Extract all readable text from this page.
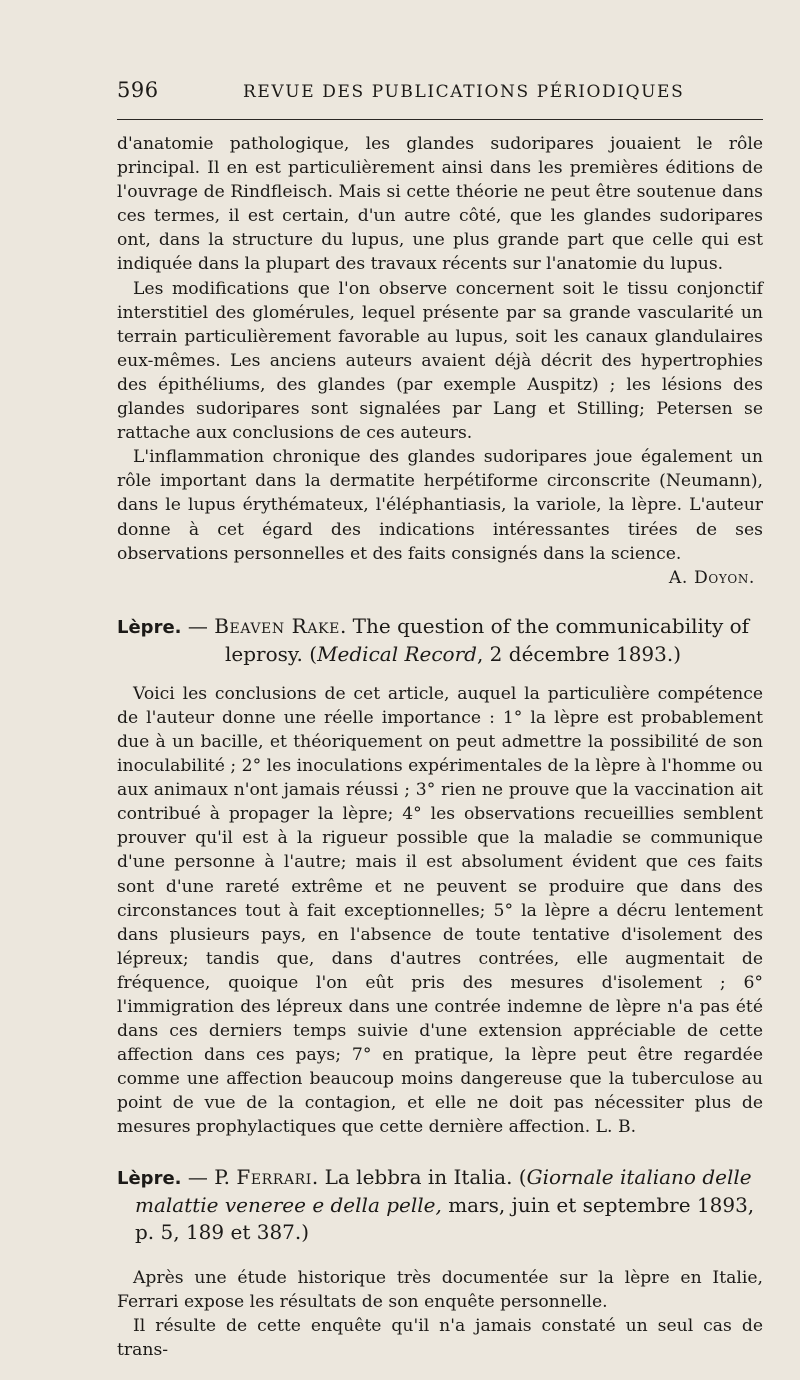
596	REVUE DES PUBLICATIONS PÉRIODIQUES

d'anatomie pathologique, les glandes sudoripares jouaient le rôle principal. Il en est particulièrement ainsi dans les premières éditions de l'ouvrage de Rindfleisch. Mais si cette théorie ne peut être soutenue dans ces termes, il est certain, d'un autre côté, que les glandes sudoripares ont, dans la structure du lupus, une plus grande part que celle qui est indiquée dans la plupart des travaux récents sur l'anatomie du lupus.

Les modifications que l'on observe concernent soit le tissu conjonctif interstitiel des glomérules, lequel présente par sa grande vascularité un terrain particulièrement favorable au lupus, soit les canaux glandulaires eux-mêmes. Les anciens auteurs avaient déjà décrit des hypertrophies des épithéliums, des glandes (par exemple Auspitz) ; les lésions des glandes sudoripares sont signalées par Lang et Stilling; Petersen se rattache aux conclusions de ces auteurs.

L'inflammation chronique des glandes sudoripares joue également un rôle important dans la dermatite herpétiforme circonscrite (Neumann), dans le lupus érythémateux, l'éléphantiasis, la variole, la lèpre. L'auteur donne à cet égard des indications intéressantes tirées de ses observations personnelles et des faits consignés dans la science.

A. Doyon.

Lèpre. — Beaven Rake. The question of the communicability of leprosy. (Medical Record, 2 décembre 1893.)

Voici les conclusions de cet article, auquel la particulière compétence de l'auteur donne une réelle importance : 1° la lèpre est probablement due à un bacille, et théoriquement on peut admettre la possibilité de son inoculabilité ; 2° les inoculations expérimentales de la lèpre à l'homme ou aux animaux n'ont jamais réussi ; 3° rien ne prouve que la vaccination ait contribué à propager la lèpre; 4° les observations recueillies semblent prouver qu'il est à la rigueur possible que la maladie se communique d'une personne à l'autre; mais il est absolument évident que ces faits sont d'une rareté extrême et ne peuvent se produire que dans des circonstances tout à fait exceptionnelles; 5° la lèpre a décru lentement dans plusieurs pays, en l'absence de toute tentative d'isolement des lépreux; tandis que, dans d'autres contrées, elle augmentait de fréquence, quoique l'on eût pris des mesures d'isolement ; 6° l'immigration des lépreux dans une contrée indemne de lèpre n'a pas été dans ces derniers temps suivie d'une extension appréciable de cette affection dans ces pays; 7° en pratique, la lèpre peut être regardée comme une affection beaucoup moins dangereuse que la tuberculose au point de vue de la contagion, et elle ne doit pas nécessiter plus de mesures prophylactiques que cette dernière affection. L. B.

Lèpre. — P. Ferrari. La lebbra in Italia. (Giornale italiano delle malattie veneree e della pelle, mars, juin et septembre 1893, p. 5, 189 et 387.)

Après une étude historique très documentée sur la lèpre en Italie, Ferrari expose les résultats de son enquête personnelle.

Il résulte de cette enquête qu'il n'a jamais constaté un seul cas de trans-
